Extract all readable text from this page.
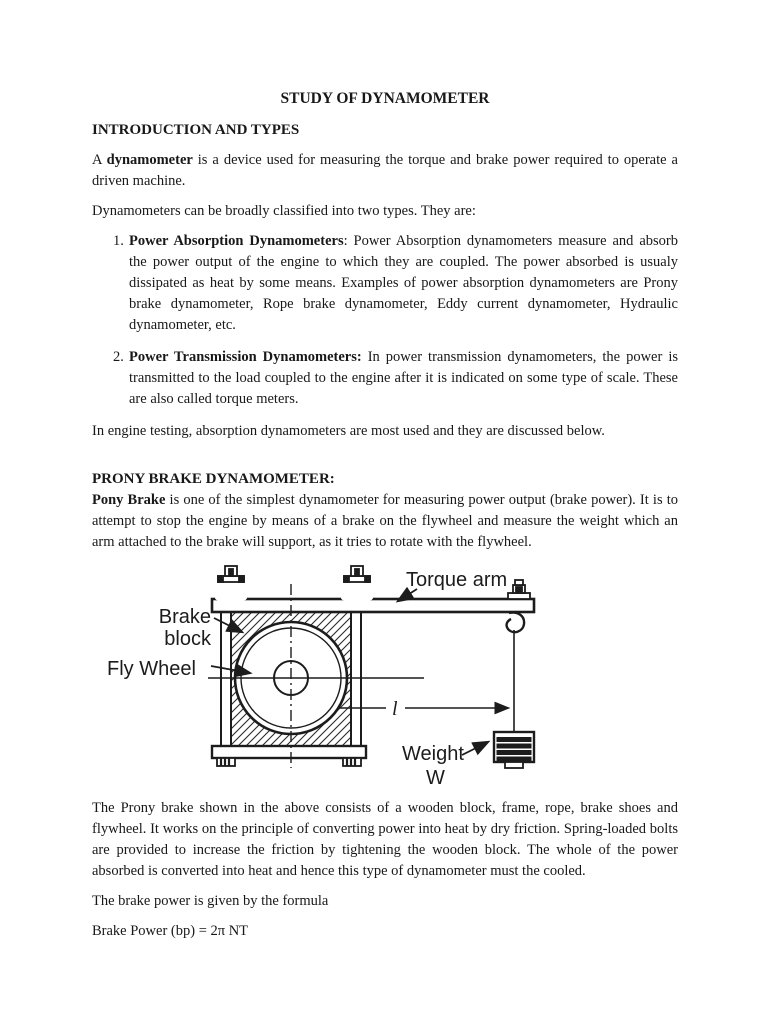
STUDY OF DYNAMOMETER
INTRODUCTION AND TYPES

A dynamometer is a device used for measuring the torque and brake power required to operate a driven machine.

Dynamometers can be broadly classified into two types. They are:

1. Power Absorption Dynamometers: Power Absorption dynamometers measure and absorb the power output of the engine to which they are coupled. The power absorbed is usualy dissipated as heat by some means. Examples of power absorption dynamometers are Prony brake dynamometer, Rope brake dynamometer, Eddy current dynamometer, Hydraulic dynamometer, etc.
2. Power Transmission Dynamometers: In power transmission dynamometers, the power is transmitted to the load coupled to the engine after it is indicated on some type of scale. These are also called torque meters.

In engine testing, absorption dynamometers are most used and they are discussed below.

PRONY BRAKE DYNAMOMETER:

Pony Brake is one of the simplest dynamometer for measuring power output (brake power). It is to attempt to stop the engine by means of a brake on the flywheel and measure the weight which an arm attached to the brake will support, as it tries to rotate with the flywheel.

l
Torque arm
Brake
block
Fly Wheel
Weight
W

The Prony brake shown in the above consists of a wooden block, frame, rope, brake shoes and flywheel. It works on the principle of converting power into heat by dry friction. Spring-loaded bolts are provided to increase the friction by tightening the wooden block. The whole of the power absorbed is converted into heat and hence this type of dynamometer must the cooled.

The brake power is given by the formula

Brake Power (bp) = 2π NT
